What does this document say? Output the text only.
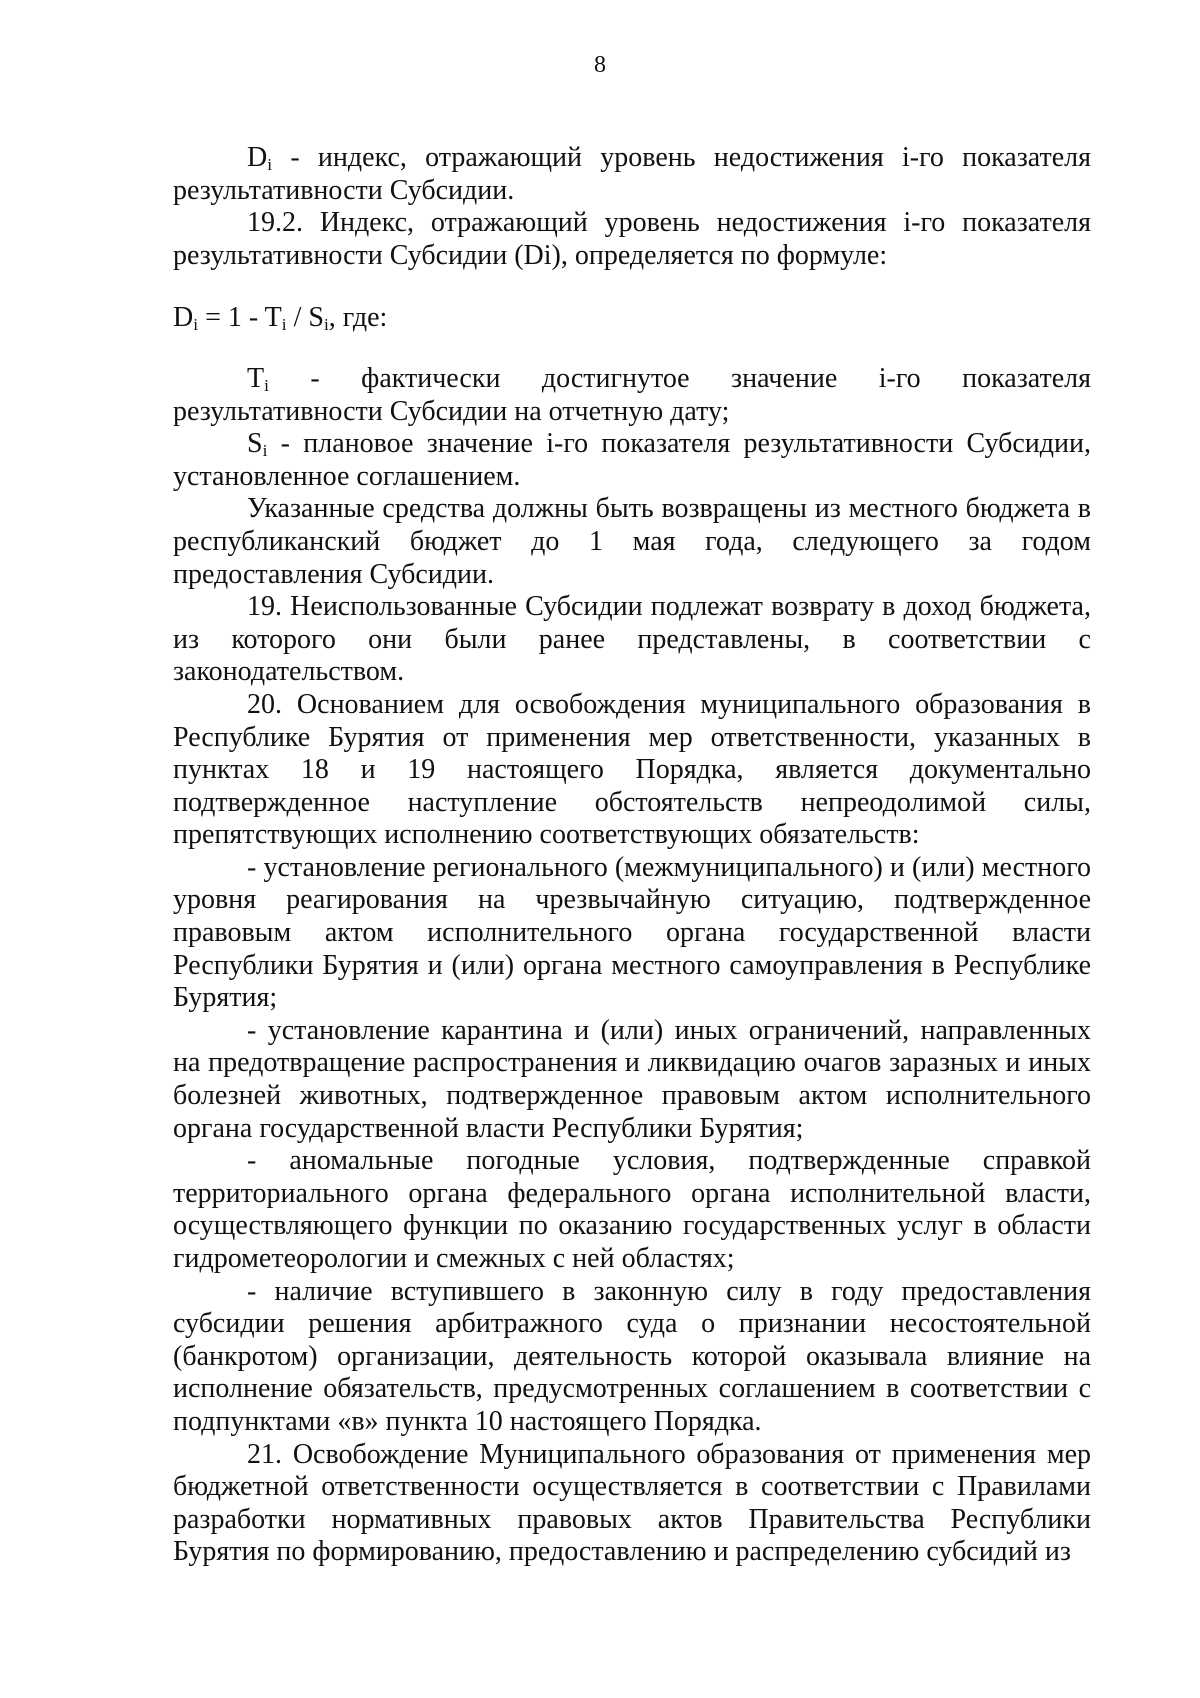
8

$D_i$ - индекс, отражающий уровень недостижения i-го показателя результативности Субсидии.

19.2. Индекс, отражающий уровень недостижения i-го показателя результативности Субсидии (Di), определяется по формуле:

$D_i = 1 - T_i / S_i$, где:

$T_i$ - фактически достигнутое значение i-го показателя результативности Субсидии на отчетную дату;

$S_i$ - плановое значение i-го показателя результативности Субсидии, установленное соглашением.

Указанные средства должны быть возвращены из местного бюджета в республиканский бюджет до 1 мая года, следующего за годом предоставления Субсидии.

19. Неиспользованные Субсидии подлежат возврату в доход бюджета, из которого они были ранее представлены, в соответствии с законодательством.

20. Основанием для освобождения муниципального образования в Республике Бурятия от применения мер ответственности, указанных в пунктах 18 и 19 настоящего Порядка, является документально подтвержденное наступление обстоятельств непреодолимой силы, препятствующих исполнению соответствующих обязательств:

- установление регионального (межмуниципального) и (или) местного уровня реагирования на чрезвычайную ситуацию, подтвержденное правовым актом исполнительного органа государственной власти Республики Бурятия и (или) органа местного самоуправления в Республике Бурятия;

- установление карантина и (или) иных ограничений, направленных на предотвращение распространения и ликвидацию очагов заразных и иных болезней животных, подтвержденное правовым актом исполнительного органа государственной власти Республики Бурятия;

- аномальные погодные условия, подтвержденные справкой территориального органа федерального органа исполнительной власти, осуществляющего функции по оказанию государственных услуг в области гидрометеорологии и смежных с ней областях;

- наличие вступившего в законную силу в году предоставления субсидии решения арбитражного суда о признании несостоятельной (банкротом) организации, деятельность которой оказывала влияние на исполнение обязательств, предусмотренных соглашением в соответствии с подпунктами «в» пункта 10 настоящего Порядка.

21. Освобождение Муниципального образования от применения мер бюджетной ответственности осуществляется в соответствии с Правилами разработки нормативных правовых актов Правительства Республики Бурятия по формированию, предоставлению и распределению субсидий из
